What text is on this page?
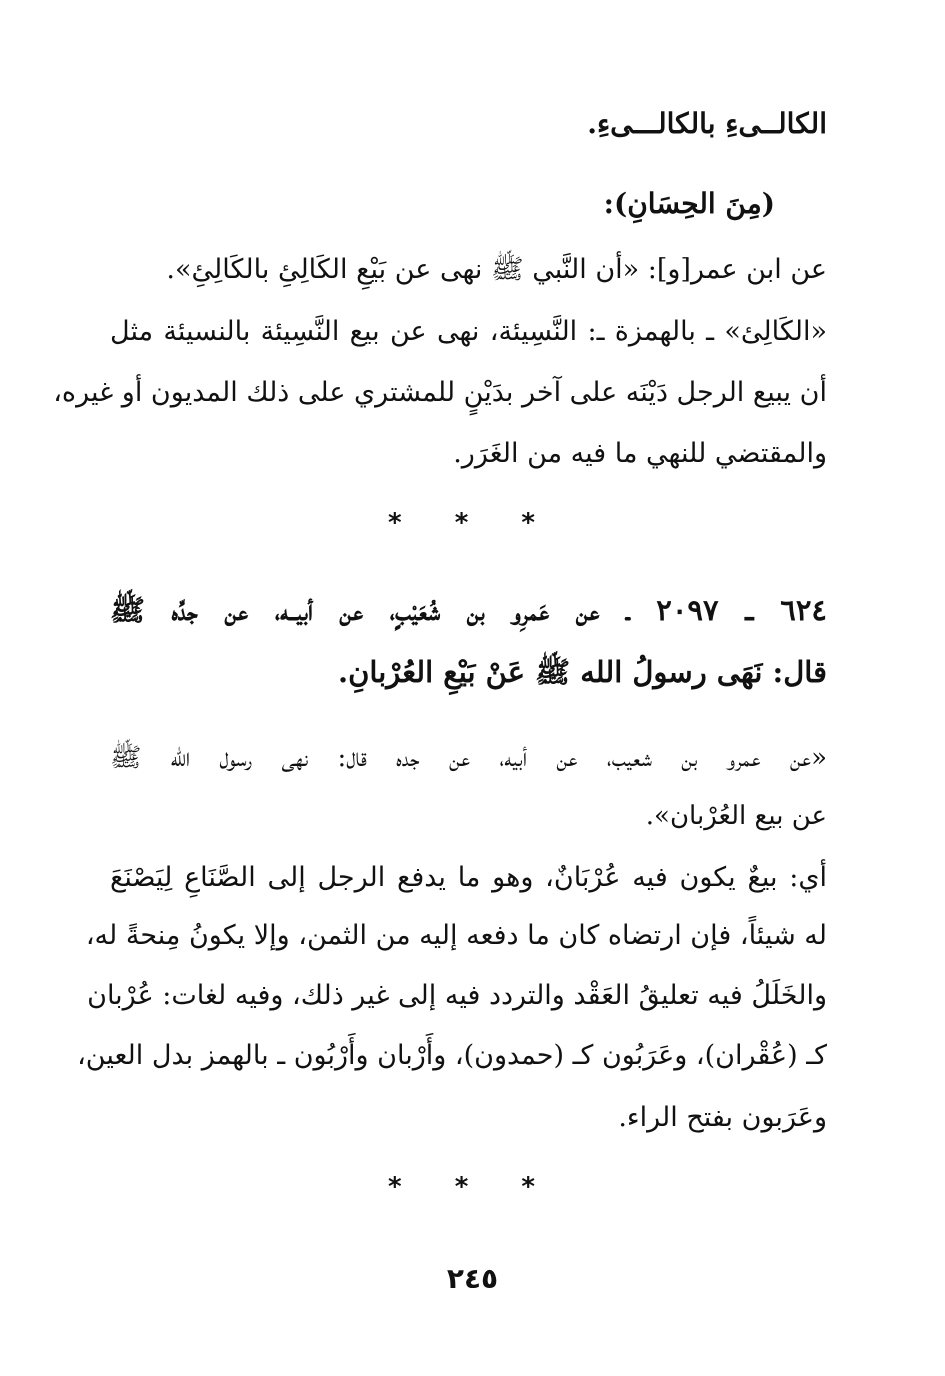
الكالــىءِ بالكالـــىءِ.
(مِنَ الحِسَانِ):
عن ابن عمر[و]: «أن النَّبي ﷺ نهى عن بَيْعِ الكَالِئِ بالكَالِئِ».
«الكَالِئ» ـ بالهمزة ـ: النَّسِيئة، نهى عن بيع النَّسِيئة بالنسيئة مثل
أن يبيع الرجل دَيْنَه على آخر بدَيْنٍ للمشتري على ذلك المديون أو غيره،
والمقتضي للنهي ما فيه من الغَرَر.
* * *
٦٢٤ ـ ٢٠٩٧ ـ عن عَمرِو بن شُعَيْبٍ، عن أبيــه، عن جدِّه ﷺ
قال: نَهَى رسولُ الله ﷺ عَنْ بَيْعِ العُرْبانِ.
«عن عمرو بن شعيب، عن أبيه، عن جده قال: نهى رسول الله ﷺ
عن بيع العُرْبان».
أي: بيعٌ يكون فيه عُرْبَانٌ، وهو ما يدفع الرجل إلى الصَّنَاعِ لِيَصْنَعَ
له شيئاً، فإن ارتضاه كان ما دفعه إليه من الثمن، وإلا يكونُ مِنحةً له،
والخَلَلُ فيه تعليقُ العَقْد والتردد فيه إلى غير ذلك، وفيه لغات: عُرْبان
كـ (عُقْران)، وعَرَبُون كـ (حمدون)، وأَرْبان وأَرْبُون ـ بالهمز بدل العين،
وعَرَبون بفتح الراء.
* * *
٢٤٥
